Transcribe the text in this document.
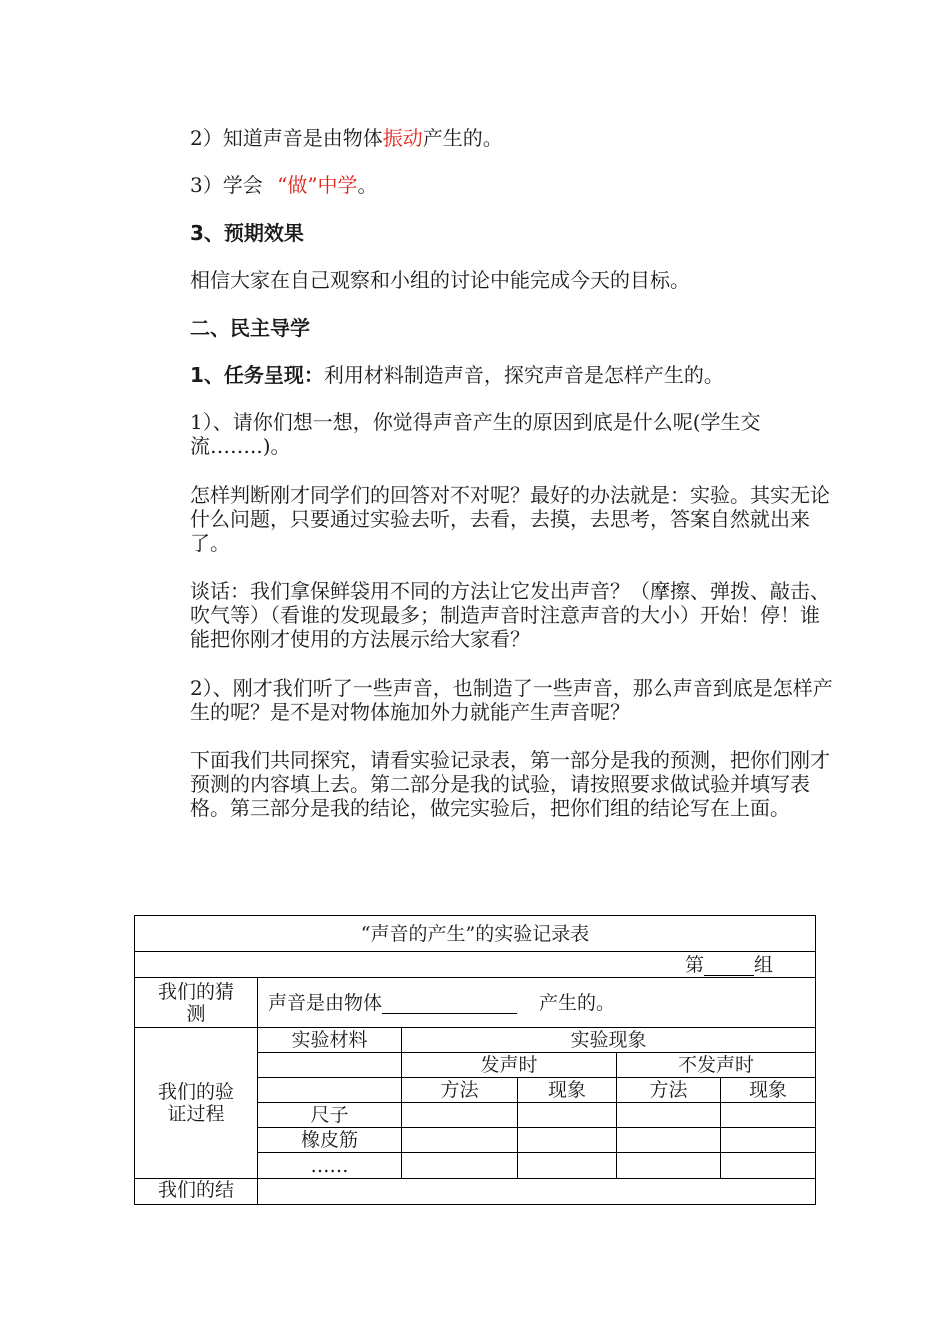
2）知道声音是由物体振动产生的。
3）学会 “做”中学。
3、预期效果
相信大家在自己观察和小组的讨论中能完成今天的目标。
二、民主导学
1、任务呈现：利用材料制造声音，探究声音是怎样产生的。
1）、请你们想一想，你觉得声音产生的原因到底是什么呢(学生交流……..)。
怎样判断刚才同学们的回答对不对呢？最好的办法就是：实验。其实无论什么问题，只要通过实验去听，去看，去摸，去思考，答案自然就出来了。
谈话：我们拿保鲜袋用不同的方法让它发出声音？（摩擦、弹拨、敲击、吹气等）（看谁的发现最多；制造声音时注意声音的大小）开始！停！谁能把你刚才使用的方法展示给大家看？
2）、刚才我们听了一些声音，也制造了一些声音，那么声音到底是怎样产生的呢？是不是对物体施加外力就能产生声音呢？
下面我们共同探究，请看实验记录表，第一部分是我的预测，把你们刚才预测的内容填上去。第二部分是我的试验，请按照要求做试验并填写表格。第三部分是我的结论，做完实验后，把你们组的结论写在上面。
“声音的产生”的实验记录表					
第 组					
我们的猜测	声音是由物体 产生的。				
我们的验证过程	实验材料	实验现象			
		发声时		不发声时	
		方法	现象	方法	现象
	尺子				
	橡皮筋				
	……				
我们的结					
